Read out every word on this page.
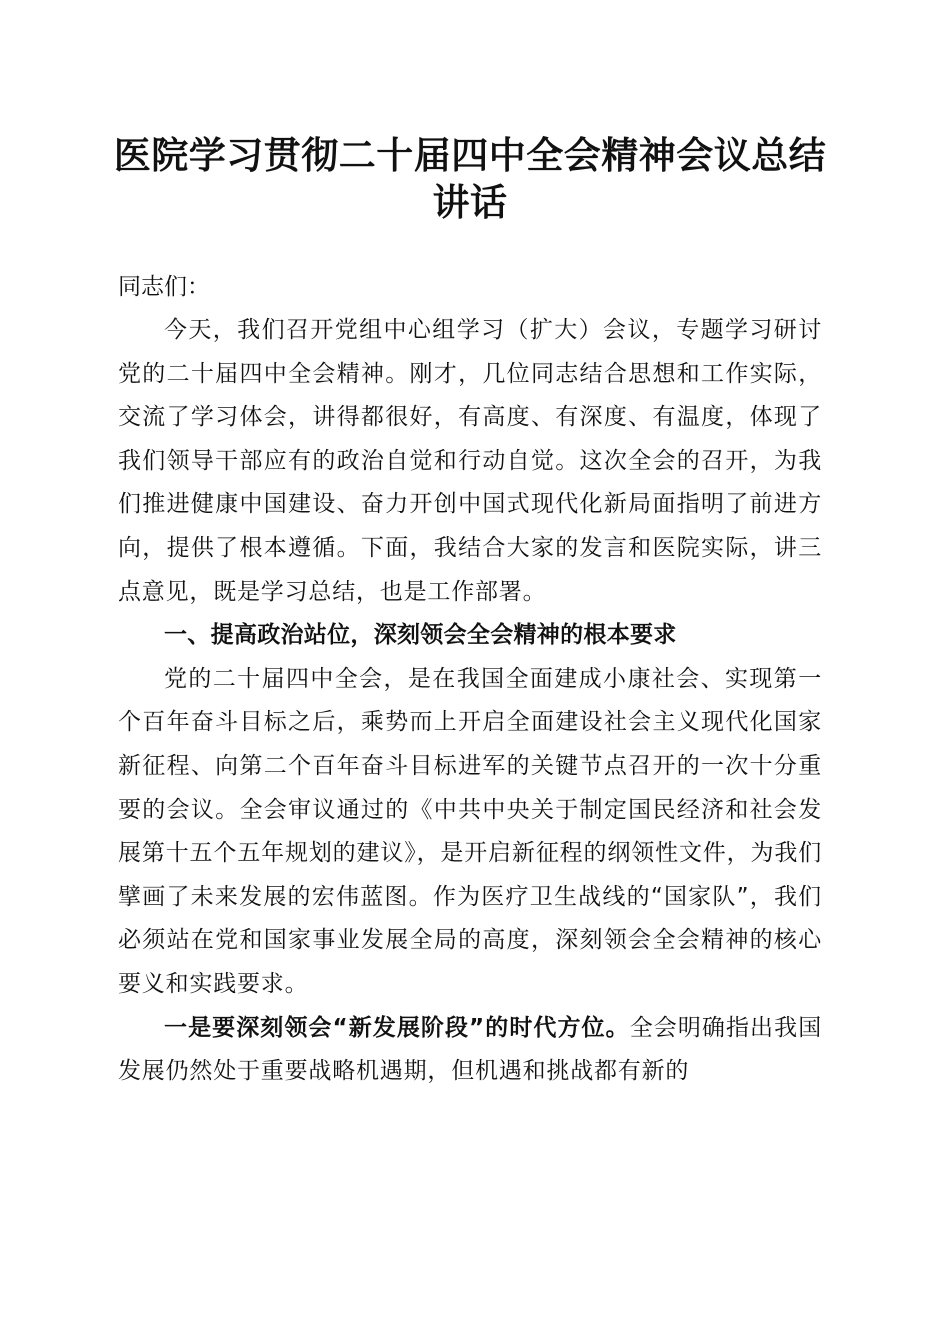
医院学习贯彻二十届四中全会精神会议总结讲话
同志们：

今天，我们召开党组中心组学习（扩大）会议，专题学习研讨党的二十届四中全会精神。刚才，几位同志结合思想和工作实际，交流了学习体会，讲得都很好，有高度、有深度、有温度，体现了我们领导干部应有的政治自觉和行动自觉。这次全会的召开，为我们推进健康中国建设、奋力开创中国式现代化新局面指明了前进方向，提供了根本遵循。下面，我结合大家的发言和医院实际，讲三点意见，既是学习总结，也是工作部署。

一、提高政治站位，深刻领会全会精神的根本要求

党的二十届四中全会，是在我国全面建成小康社会、实现第一个百年奋斗目标之后，乘势而上开启全面建设社会主义现代化国家新征程、向第二个百年奋斗目标进军的关键节点召开的一次十分重要的会议。全会审议通过的《中共中央关于制定国民经济和社会发展第十五个五年规划的建议》，是开启新征程的纲领性文件，为我们擘画了未来发展的宏伟蓝图。作为医疗卫生战线的“国家队”，我们必须站在党和国家事业发展全局的高度，深刻领会全会精神的核心要义和实践要求。

一是要深刻领会“新发展阶段”的时代方位。全会明确指出我国发展仍然处于重要战略机遇期，但机遇和挑战都有新的
